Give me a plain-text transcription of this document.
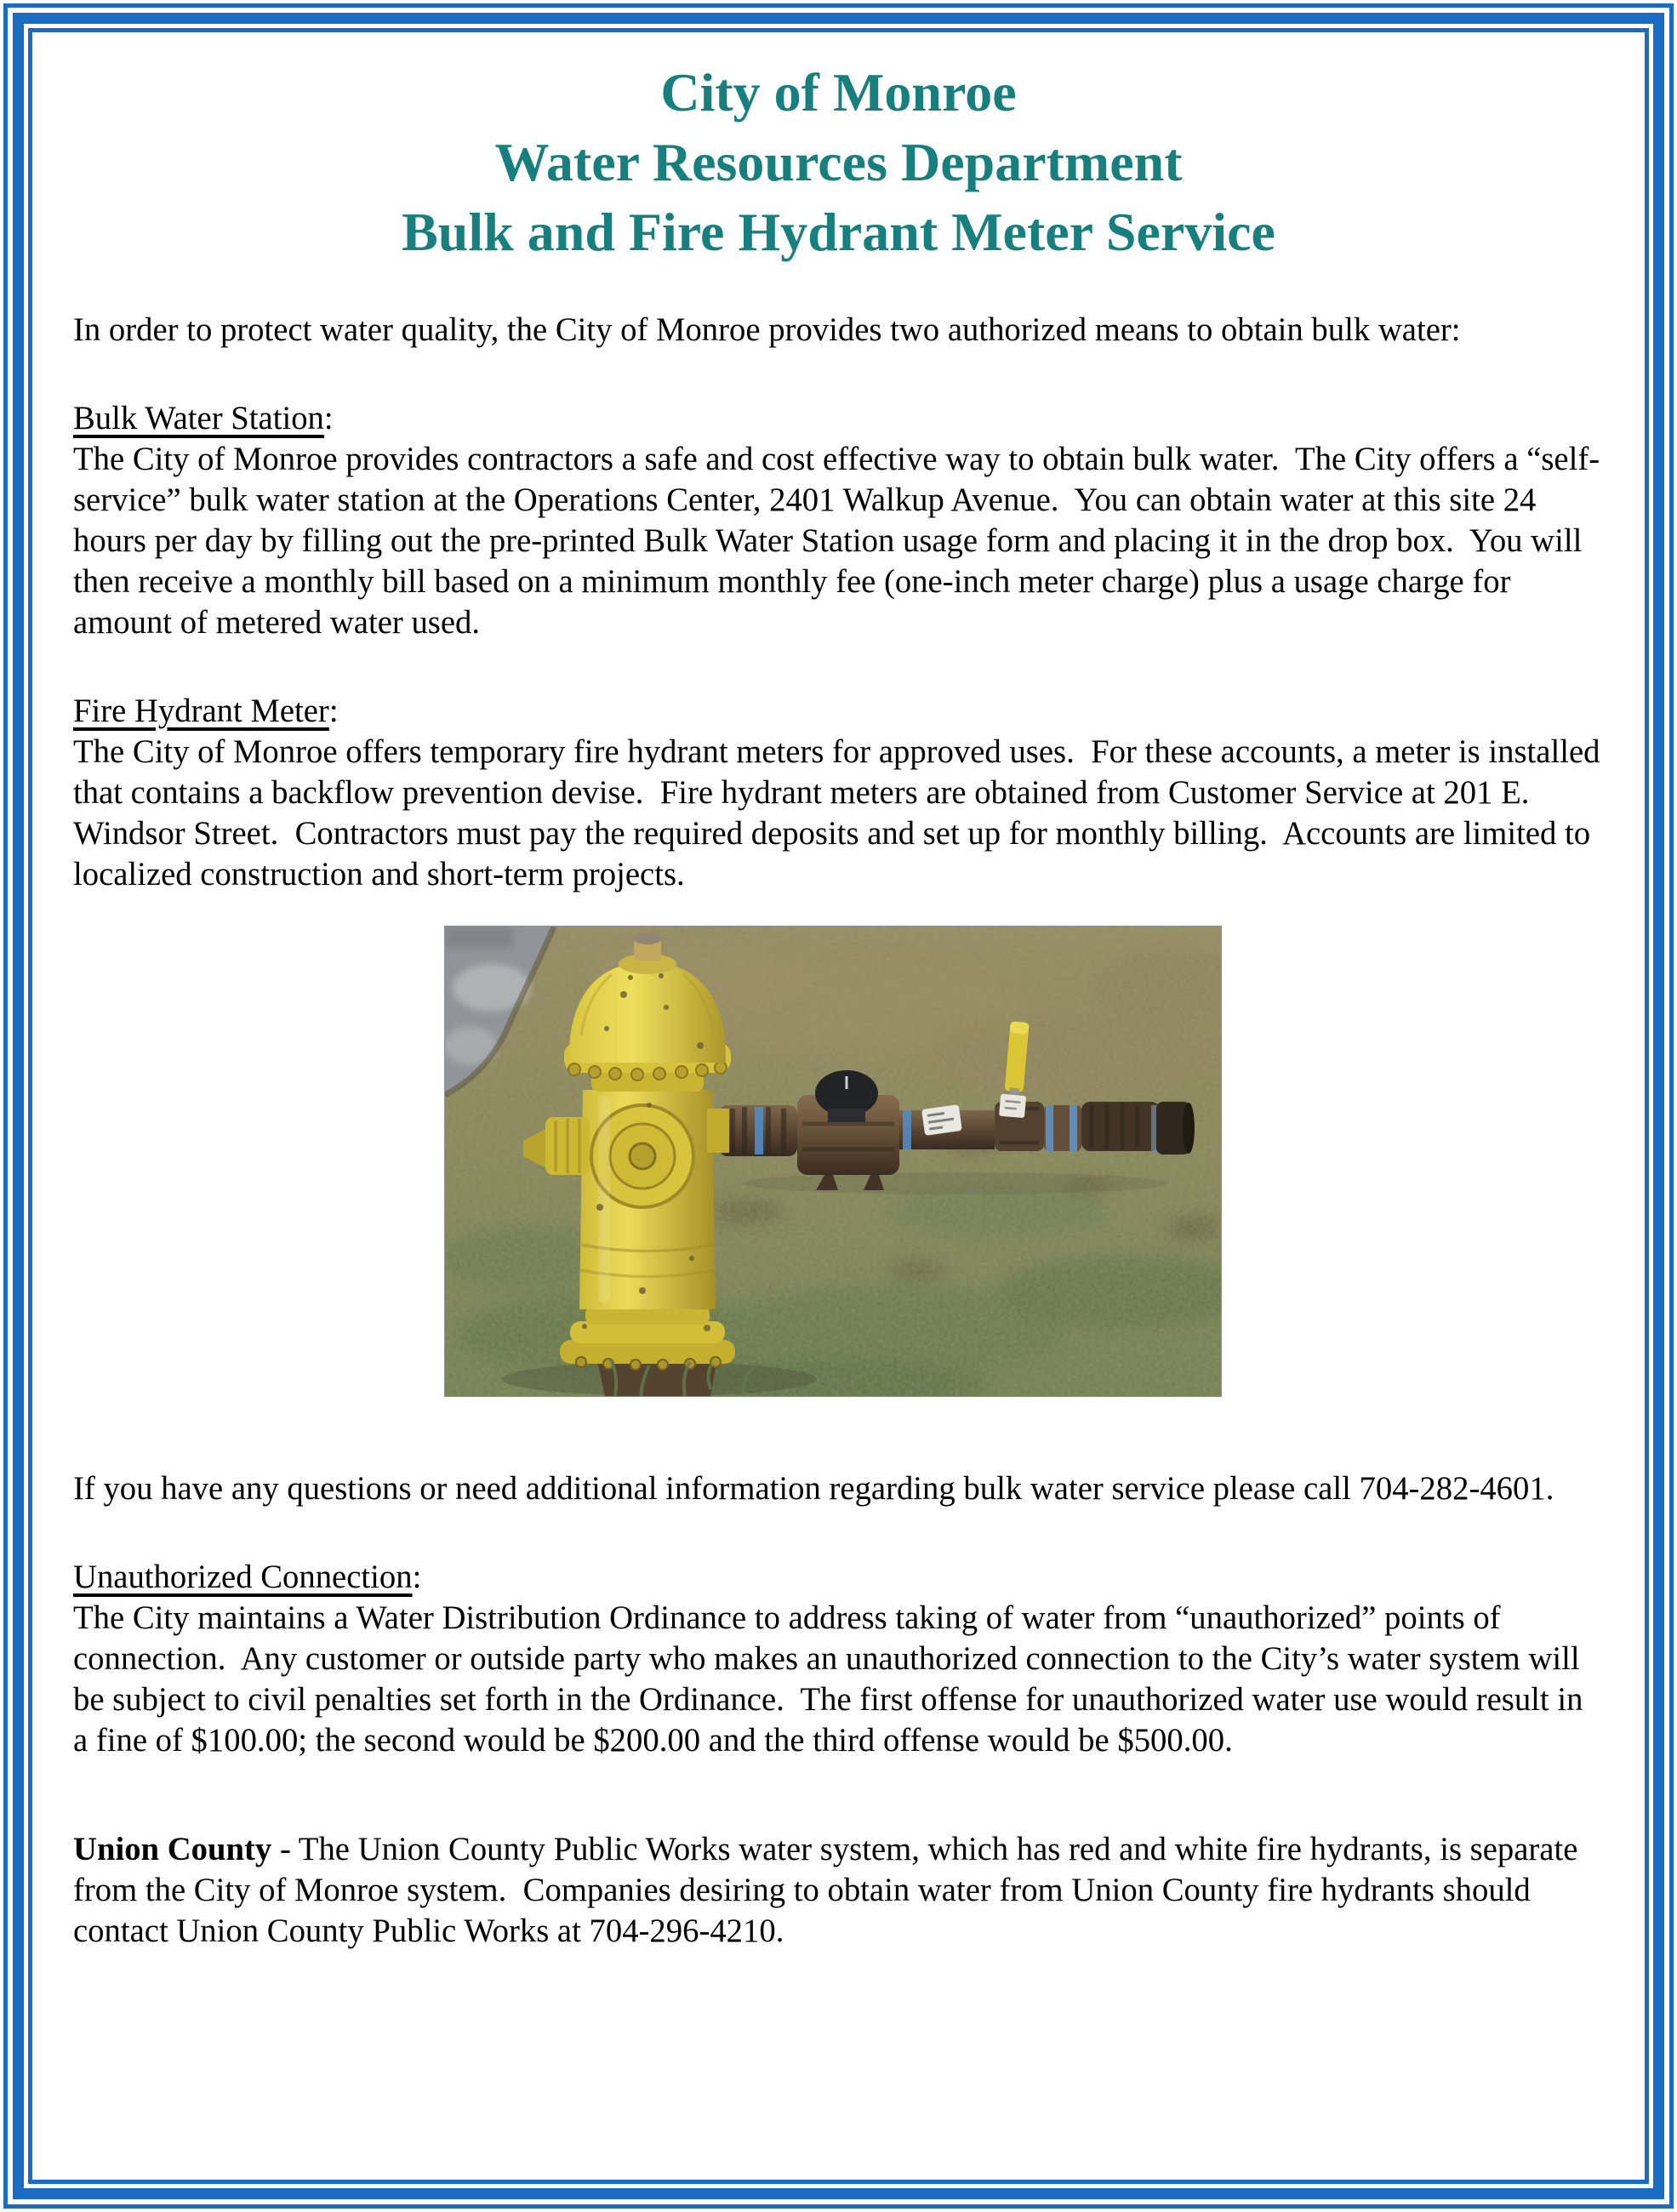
City of Monroe
Water Resources Department
Bulk and Fire Hydrant Meter Service

In order to protect water quality, the City of Monroe provides two authorized means to obtain bulk water:

Bulk Water Station:

The City of Monroe provides contractors a safe and cost effective way to obtain bulk water.  The City offers a “self-service” bulk water station at the Operations Center, 2401 Walkup Avenue.  You can obtain water at this site 24 hours per day by filling out the pre-printed Bulk Water Station usage form and placing it in the drop box.  You will then receive a monthly bill based on a minimum monthly fee (one-inch meter charge) plus a usage charge for amount of metered water used.

Fire Hydrant Meter:

The City of Monroe offers temporary fire hydrant meters for approved uses.  For these accounts, a meter is installed that contains a backflow prevention devise.  Fire hydrant meters are obtained from Customer Service at 201 E. Windsor Street.  Contractors must pay the required deposits and set up for monthly billing.  Accounts are limited to localized construction and short-term projects.

If you have any questions or need additional information regarding bulk water service please call 704-282-4601.

Unauthorized Connection:

The City maintains a Water Distribution Ordinance to address taking of water from “unauthorized” points of connection.  Any customer or outside party who makes an unauthorized connection to the City’s water system will be subject to civil penalties set forth in the Ordinance.  The first offense for unauthorized water use would result in a fine of $100.00; the second would be $200.00 and the third offense would be $500.00.

Union County - The Union County Public Works water system, which has red and white fire hydrants, is separate from the City of Monroe system.  Companies desiring to obtain water from Union County fire hydrants should contact Union County Public Works at 704-296-4210.
